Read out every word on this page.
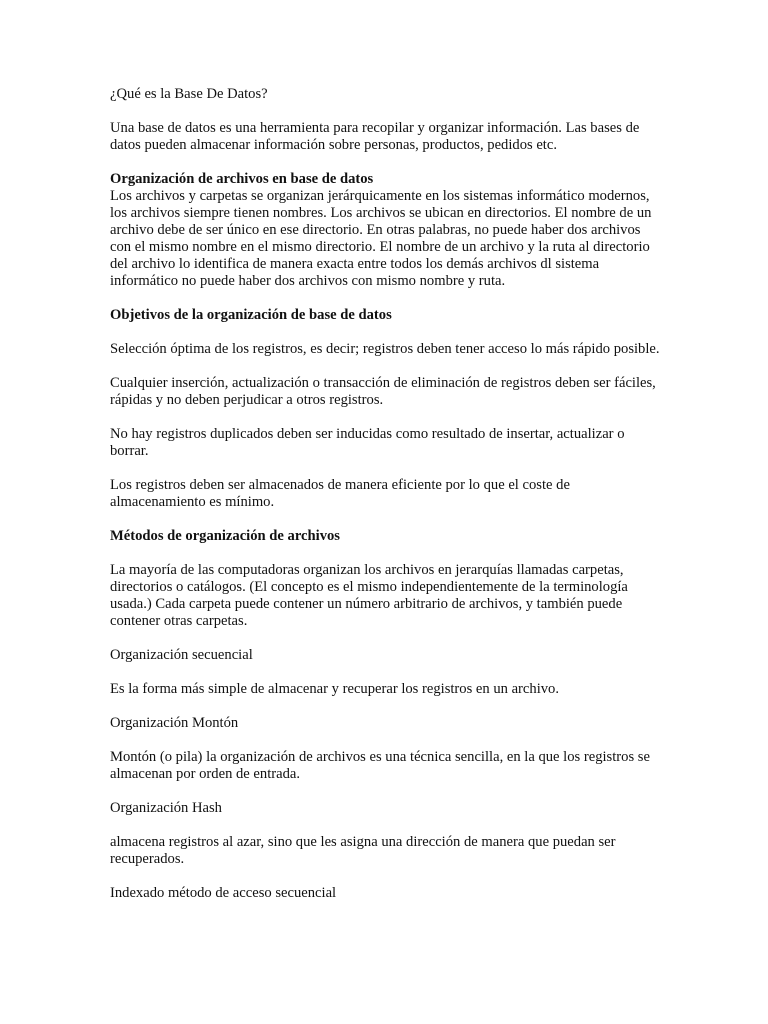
¿Qué es la Base De Datos?

Una base de datos es una herramienta para recopilar y organizar información. Las bases de datos pueden almacenar información sobre personas, productos, pedidos etc.

Organización de archivos en base de datos

Los archivos y carpetas se organizan jerárquicamente en los sistemas informático modernos, los archivos siempre tienen nombres. Los archivos se ubican en directorios. El nombre de un archivo debe de ser único en ese directorio. En otras palabras, no puede haber dos archivos con el mismo nombre en el mismo directorio. El nombre de un archivo y la ruta al directorio del archivo lo identifica de manera exacta entre todos los demás archivos dl sistema informático no puede haber dos archivos con mismo nombre y ruta.

Objetivos de la organización de base de datos

Selección óptima de los registros, es decir; registros deben tener acceso lo más rápido posible.

Cualquier inserción, actualización o transacción de eliminación de registros deben ser fáciles, rápidas y no deben perjudicar a otros registros.

No hay registros duplicados deben ser inducidas como resultado de insertar, actualizar o borrar.

Los registros deben ser almacenados de manera eficiente por lo que el coste de almacenamiento es mínimo.

Métodos de organización de archivos

La mayoría de las computadoras organizan los archivos en jerarquías llamadas carpetas, directorios o catálogos. (El concepto es el mismo independientemente de la terminología usada.) Cada carpeta puede contener un número arbitrario de archivos, y también puede contener otras carpetas.

Organización secuencial

Es la forma más simple de almacenar y recuperar los registros en un archivo.

Organización Montón

Montón (o pila) la organización de archivos es una técnica sencilla, en la que los registros se almacenan por orden de entrada.

Organización Hash

almacena registros al azar, sino que les asigna una dirección de manera que puedan ser recuperados.

Indexado método de acceso secuencial
